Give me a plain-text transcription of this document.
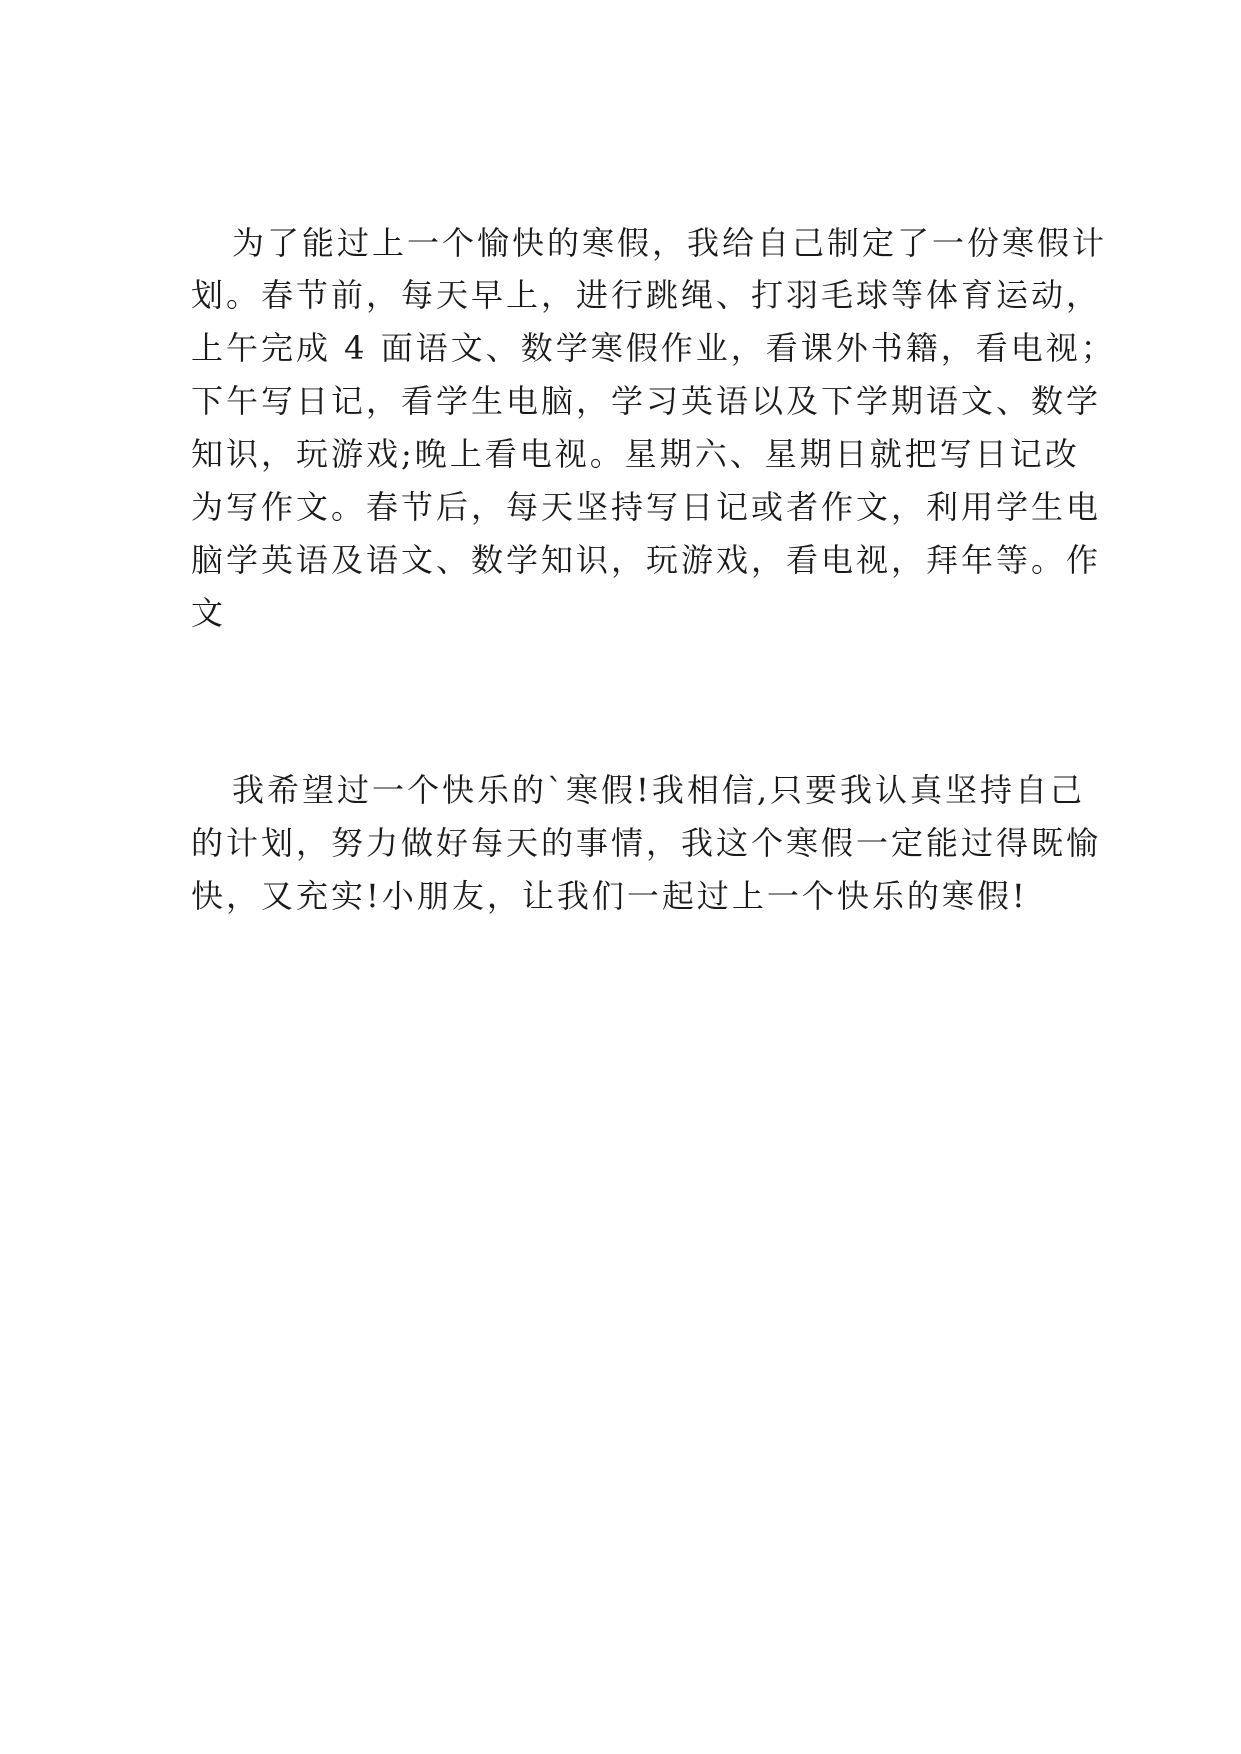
为了能过上一个愉快的寒假，我给自己制定了一份寒假计

划。春节前，每天早上，进行跳绳、打羽毛球等体育运动，

上午完成 4 面语文、数学寒假作业，看课外书籍，看电视；

下午写日记，看学生电脑，学习英语以及下学期语文、数学

知识，玩游戏;晚上看电视。星期六、星期日就把写日记改

为写作文。春节后，每天坚持写日记或者作文，利用学生电

脑学英语及语文、数学知识，玩游戏，看电视，拜年等。作

文

我希望过一个快乐的`寒假!我相信,只要我认真坚持自己

的计划，努力做好每天的事情，我这个寒假一定能过得既愉

快，又充实!小朋友，让我们一起过上一个快乐的寒假!
